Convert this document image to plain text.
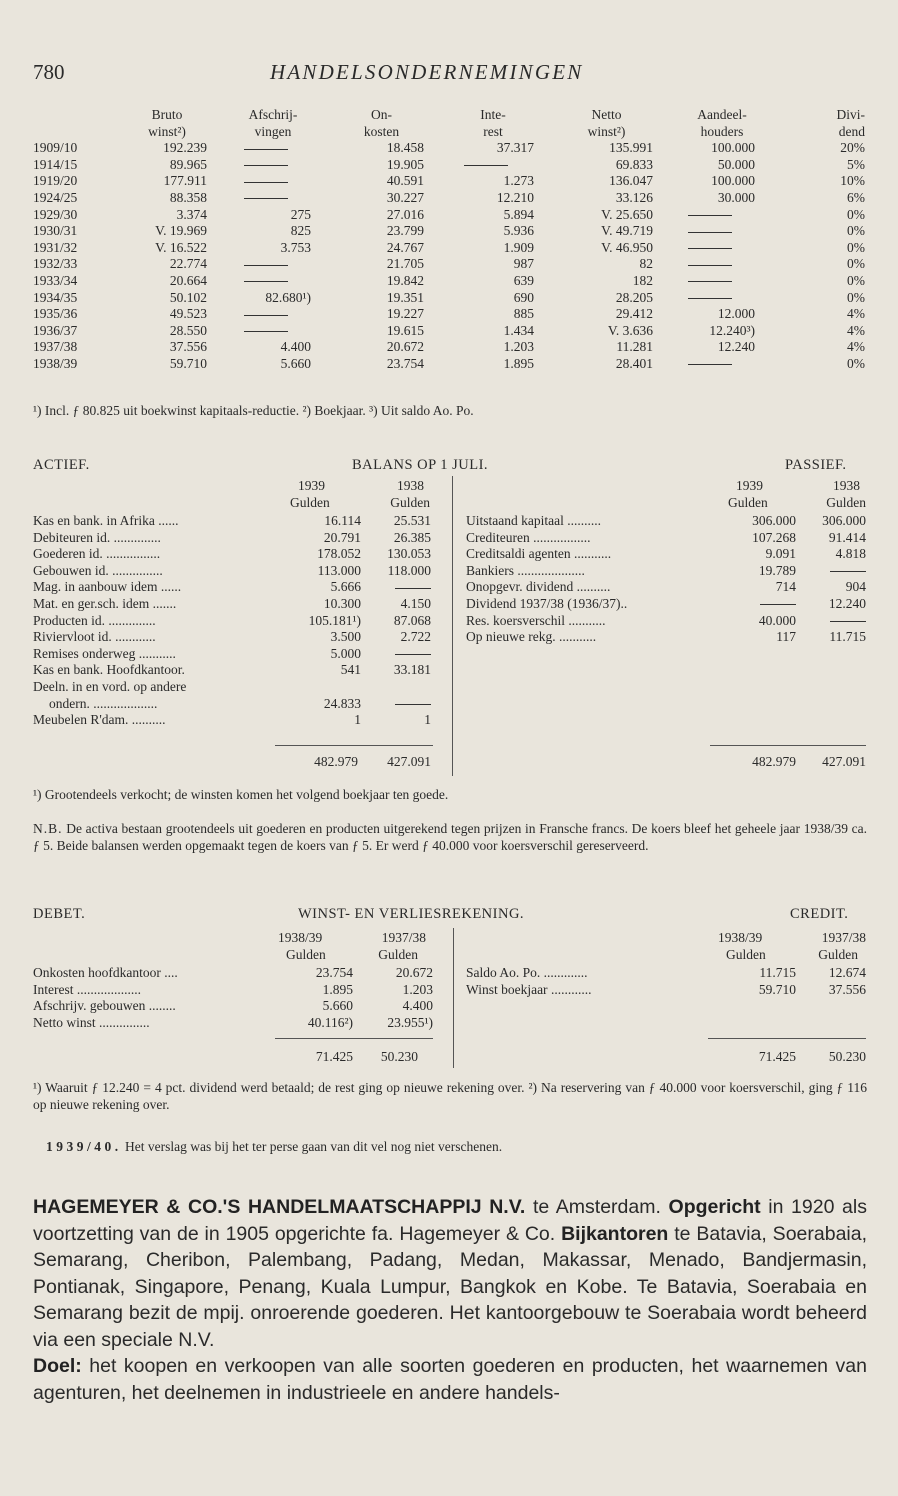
780	HANDELSONDERNEMINGEN
	Bruto	Afschrij-	On-	Inte-	Netto	Aandeel-	Divi-
	winst²)	vingen	kosten	rest	winst²)	houders	dend
1909/10	192.239		18.458	37.317	135.991	100.000	20%
1914/15	89.965		19.905		69.833	50.000	5%
1919/20	177.911		40.591	1.273	136.047	100.000	10%
1924/25	88.358		30.227	12.210	33.126	30.000	6%
1929/30	3.374	275	27.016	5.894	V. 25.650		0%
1930/31	V. 19.969	825	23.799	5.936	V. 49.719		0%
1931/32	V. 16.522	3.753	24.767	1.909	V. 46.950		0%
1932/33	22.774		21.705	987	82		0%
1933/34	20.664		19.842	639	182		0%
1934/35	50.102	82.680¹)	19.351	690	28.205		0%
1935/36	49.523		19.227	885	29.412	12.000	4%
1936/37	28.550		19.615	1.434	V. 3.636	12.240³)	4%
1937/38	37.556	4.400	20.672	1.203	11.281	12.240	4%
1938/39	59.710	5.660	23.754	1.895	28.401		0%
¹) Incl. ƒ 80.825 uit boekwinst kapitaals-reductie. ²) Boekjaar. ³) Uit saldo Ao. Po.
ACTIEF.	BALANS OP 1 JULI.	PASSIEF.
1939	1938
Gulden	Gulden
1939	1938
Gulden	Gulden
Kas en bank. in Afrika ......	16.114	25.531
Debiteuren id. ..............	20.791	26.385
Goederen id. ................	178.052	130.053
Gebouwen id. ...............	113.000	118.000
Mag. in aanbouw idem ......	5.666	
Mat. en ger.sch. idem .......	10.300	4.150
Producten id. ..............	105.181¹)	87.068
Riviervloot id. ............	3.500	2.722
Remises onderweg ...........	5.000	
Kas en bank. Hoofdkantoor.	541	33.181
Deeln. in en vord. op andere		
ondern. ...................	24.833	
Meubelen R'dam. ..........	1	1
Uitstaand kapitaal ..........	306.000	306.000
Crediteuren .................	107.268	91.414
Creditsaldi agenten ...........	9.091	4.818
Bankiers ....................	19.789	
Onopgevr. dividend ..........	714	904
Dividend 1937/38 (1936/37)..		12.240
Res. koersverschil ...........	40.000	
Op nieuwe rekg. ...........	117	11.715
482.979	427.091	482.979	427.091
¹) Grootendeels verkocht; de winsten komen het volgend boekjaar ten goede.
N.B. De activa bestaan grootendeels uit goederen en producten uitgerekend tegen prijzen in Fransche francs. De koers bleef het geheele jaar 1938/39 ca. ƒ 5. Beide balansen werden opgemaakt tegen de koers van ƒ 5. Er werd ƒ 40.000 voor koersverschil gereserveerd.
DEBET.	WINST- EN VERLIESREKENING.	CREDIT.
1938/39	1937/38
Gulden	Gulden
1938/39	1937/38
Gulden	Gulden
Onkosten hoofdkantoor ....	23.754	20.672
Interest ...................	1.895	1.203
Afschrijv. gebouwen ........	5.660	4.400
Netto winst ...............	40.116²)	23.955¹)
Saldo Ao. Po. .............	11.715	12.674
Winst boekjaar ............	59.710	37.556
71.425	50.230	71.425	50.230
¹) Waaruit ƒ 12.240 = 4 pct. dividend werd betaald; de rest ging op nieuwe rekening over. ²) Na reservering van ƒ 40.000 voor koersverschil, ging ƒ 116 op nieuwe rekening over.
1939/40. Het verslag was bij het ter perse gaan van dit vel nog niet verschenen.

HAGEMEYER & CO.'S HANDELMAATSCHAPPIJ N.V. te Amsterdam. Opgericht in 1920 als voortzetting van de in 1905 opgerichte fa. Hagemeyer & Co. Bijkantoren te Batavia, Soerabaia, Semarang, Cheribon, Palembang, Padang, Medan, Makassar, Menado, Bandjermasin, Pontianak, Singapore, Penang, Kuala Lumpur, Bangkok en Kobe. Te Batavia, Soerabaia en Semarang bezit de mpij. onroerende goederen. Het kantoorgebouw te Soerabaia wordt beheerd via een speciale N.V.

Doel: het koopen en verkoopen van alle soorten goederen en producten, het waarnemen van agenturen, het deelnemen in industrieele en andere handels-
